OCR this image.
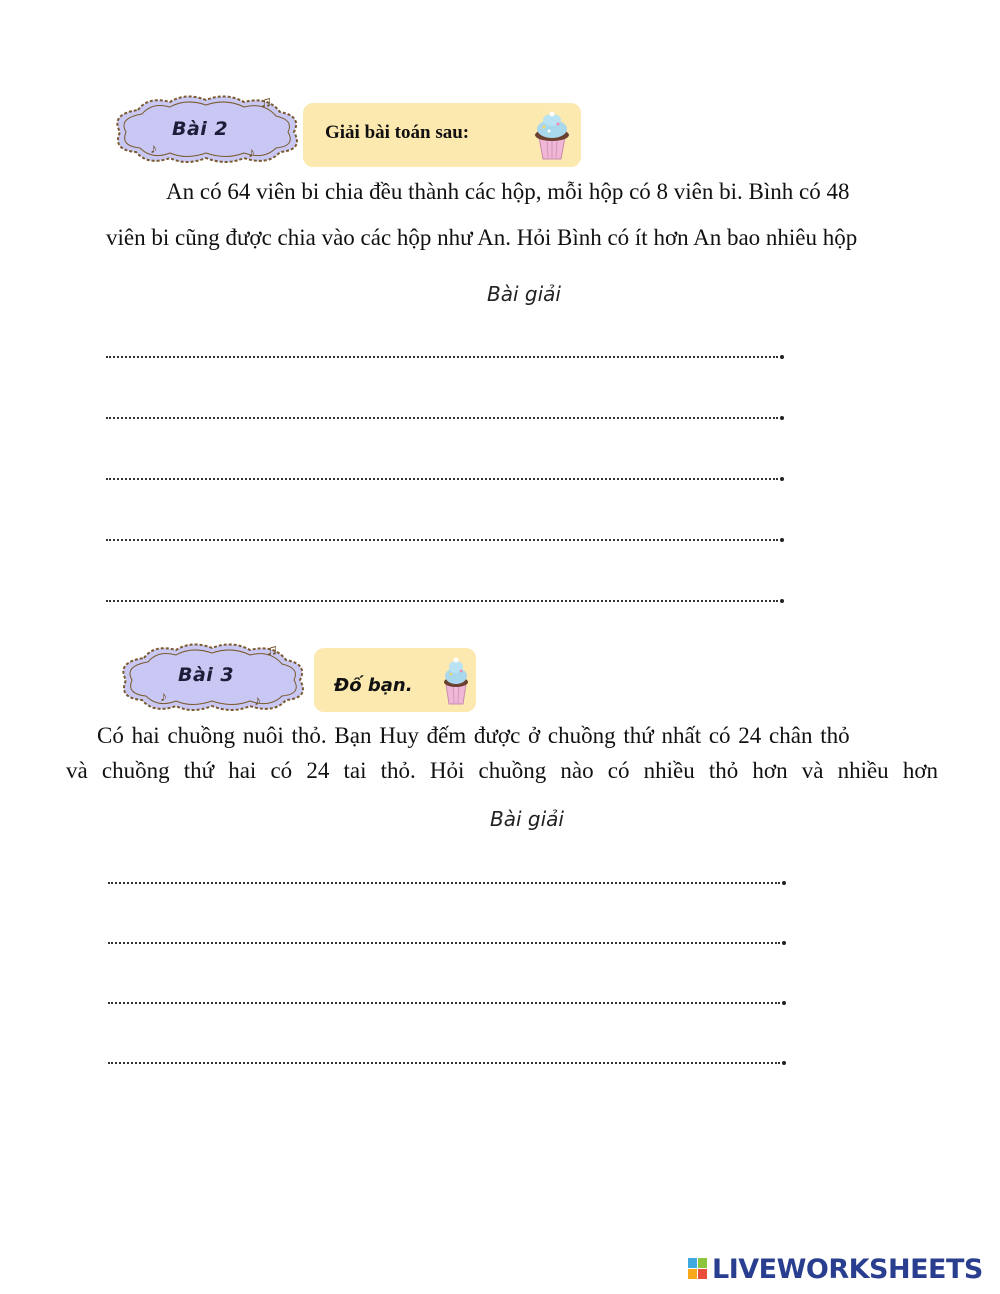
♫
♪	♪
Bài 2	Giải bài toán sau:
An có 64 viên bi chia đều thành các hộp, mỗi hộp có 8 viên bi. Bình có 48
viên bi cũng được chia vào các hộp như An. Hỏi Bình có ít hơn An bao nhiêu hộp
Bài giải
♫
♪	♪
Bài 3	Đố bạn.
Có hai chuồng nuôi thỏ. Bạn Huy đếm được ở chuồng thứ nhất có 24 chân thỏ
và chuồng thứ hai có 24 tai thỏ. Hỏi chuồng nào có nhiều thỏ hơn và nhiều hơn
Bài giải
LIVEWORKSHEETS
